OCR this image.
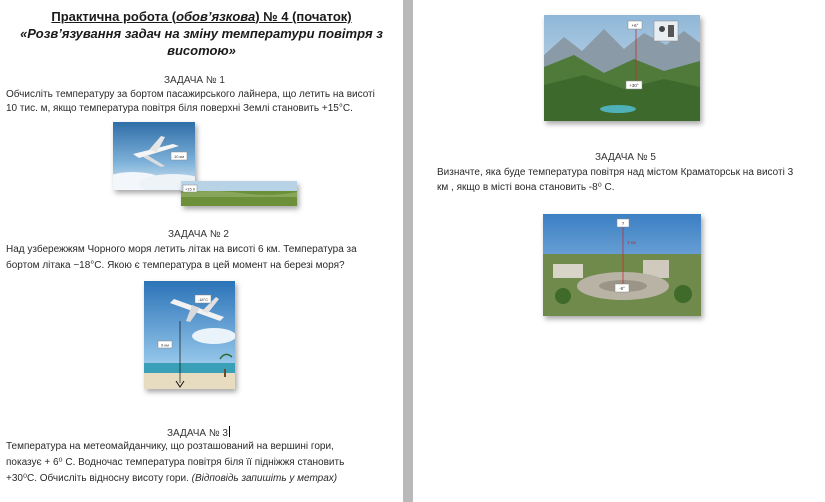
Практична робота (обов’язкова) № 4 (початок)
«Розв’язування задач на зміну температури повітря з
висотою»
ЗАДАЧА № 1
Обчисліть температуру за бортом пасажирського лайнера, що летить на висоті
10 тис. м, якщо температура повітря біля поверхні Землі становить +15°С.
10 км
+15 0
ЗАДАЧА № 2
Над узбережжям Чорного моря летить літак на висоті 6 км. Температура за
бортом літака −18°С. Якою є температура в цей момент на березі моря?
-18°C
6 км
ЗАДАЧА № 3
Температура на метеомайданчику, що розташований на вершині гори,
показує + 6⁰ С. Водночас температура повітря біля її підніжжя становить
+30⁰С. Обчисліть відносну висоту гори. (Відповідь запишіть у метрах)
+6°
+30°
ЗАДАЧА № 5
Визначте, яка буде температура повітря над містом Краматорськ на висоті 3
км , якщо в місті вона становить -8⁰ С.
?
3 км
-8°
